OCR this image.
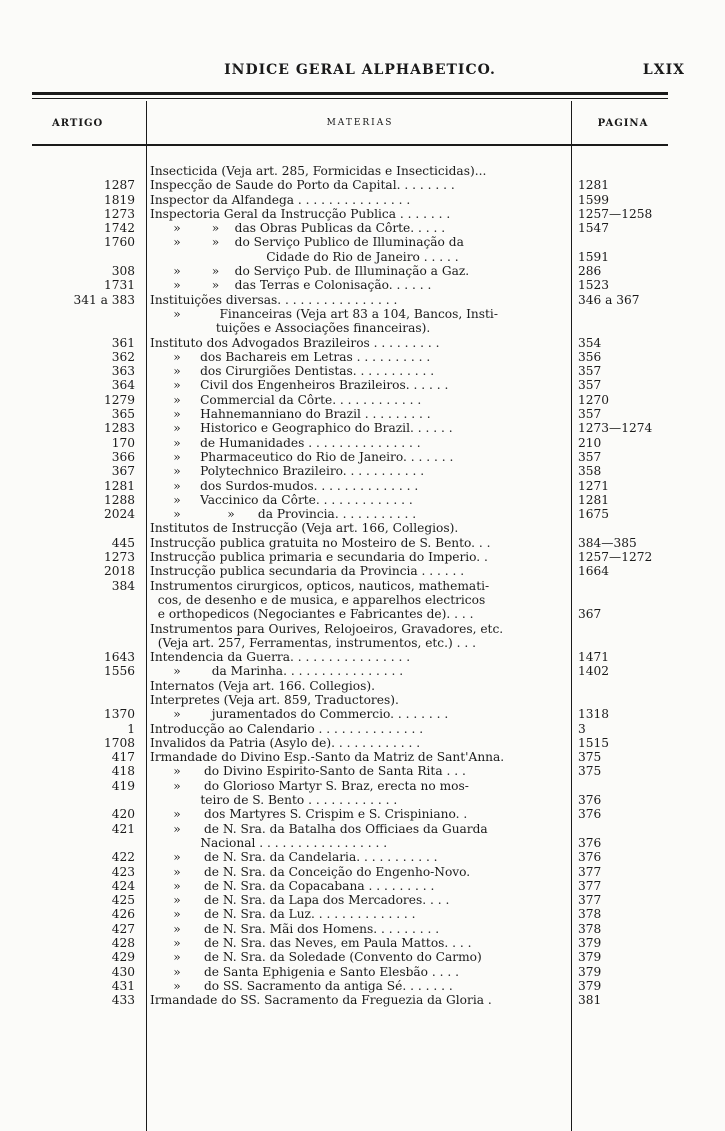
INDICE GERAL ALPHABETICO.	LXIX
ARTIGO	MATERIAS	PAGINA
Insecticida (Veja art. 285, Formicidas e Insecticidas)...
1287 Inspecção de Saude do Porto da Capital. . . . . . . .	1281
1819 Inspector da Alfandega . . . . . . . . . . . . . . .	1599
1273 Inspectoria Geral da Instrucção Publica . . . . . . .	1257—1258
1742 »        »    das Obras Publicas da Côrte. . . . .	1547
1760 »        »    do Serviço Publico de Illuminação da
Cidade do Rio de Janeiro . . . . .	1591
308 »        »    do Serviço Pub. de Illuminação a Gaz.	286
1731 »        »    das Terras e Colonisação. . . . . .	1523
341 a 383 Instituições diversas. . . . . . . . . . . . . . . .	346 a 367
»          Financeiras (Veja art 83 a 104, Bancos, Insti-
tuições e Associações financeiras).
361 Instituto dos Advogados Brazileiros . . . . . . . . .	354
362 »     dos Bachareis em Letras . . . . . . . . . .	356
363 »     dos Cirurgiões Dentistas. . . . . . . . . . .	357
364 »     Civil dos Engenheiros Brazileiros. . . . . .	357
1279 »     Commercial da Côrte. . . . . . . . . . . .	1270
365 »     Hahnemanniano do Brazil . . . . . . . . .	357
1283 »     Historico e Geographico do Brazil. . . . . .	1273—1274
170 »     de Humanidades . . . . . . . . . . . . . . .	210
366 »     Pharmaceutico do Rio de Janeiro. . . . . . .	357
367 »     Polytechnico Brazileiro. . . . . . . . . . .	358
1281 »     dos Surdos-mudos. . . . . . . . . . . . . .	1271
1288 »     Vaccinico da Côrte. . . . . . . . . . . . .	1281
2024 »            »      da Provincia. . . . . . . . . . .	1675
Institutos de Instrucção (Veja art. 166, Collegios).
445 Instrucção publica gratuita no Mosteiro de S. Bento. . .	384—385
1273 Instrucção publica primaria e secundaria do Imperio. .	1257—1272
2018 Instrucção publica secundaria da Provincia . . . . . .	1664
384 Instrumentos cirurgicos, opticos, nauticos, mathemati-
cos, de desenho e de musica, e apparelhos electricos
e orthopedicos (Negociantes e Fabricantes de). . . .	367
Instrumentos para Ourives, Relojoeiros, Gravadores, etc.
(Veja art. 257, Ferramentas, instrumentos, etc.) . . .
1643 Intendencia da Guerra. . . . . . . . . . . . . . . .	1471
1556 »        da Marinha. . . . . . . . . . . . . . . .	1402
Internatos (Veja art. 166. Collegios).
Interpretes (Veja art. 859, Traductores).
1370 »        juramentados do Commercio. . . . . . . .	1318
1 Introducção ao Calendario . . . . . . . . . . . . . .	3
1708 Invalidos da Patria (Asylo de). . . . . . . . . . . .	1515
417 Irmandade do Divino Esp.-Santo da Matriz de Sant'Anna.	375
418 »      do Divino Espirito-Santo de Santa Rita . . .	375
419 »      do Glorioso Martyr S. Braz, erecta no mos-
teiro de S. Bento . . . . . . . . . . . .	376
420 »      dos Martyres S. Crispim e S. Crispiniano. .	376
421 »      de N. Sra. da Batalha dos Officiaes da Guarda
Nacional . . . . . . . . . . . . . . . . .	376
422 »      de N. Sra. da Candelaria. . . . . . . . . . .	376
423 »      de N. Sra. da Conceição do Engenho-Novo.	377
424 »      de N. Sra. da Copacabana . . . . . . . . .	377
425 »      de N. Sra. da Lapa dos Mercadores. . . .	377
426 »      de N. Sra. da Luz. . . . . . . . . . . . . .	378
427 »      de N. Sra. Mãi dos Homens. . . . . . . . .	378
428 »      de N. Sra. das Neves, em Paula Mattos. . . .	379
429 »      de N. Sra. da Soledade (Convento do Carmo)	379
430 »      de Santa Ephigenia e Santo Elesbão . . . .	379
431 »      do SS. Sacramento da antiga Sé. . . . . . .	379
433 Irmandade do SS. Sacramento da Freguezia da Gloria .	381
